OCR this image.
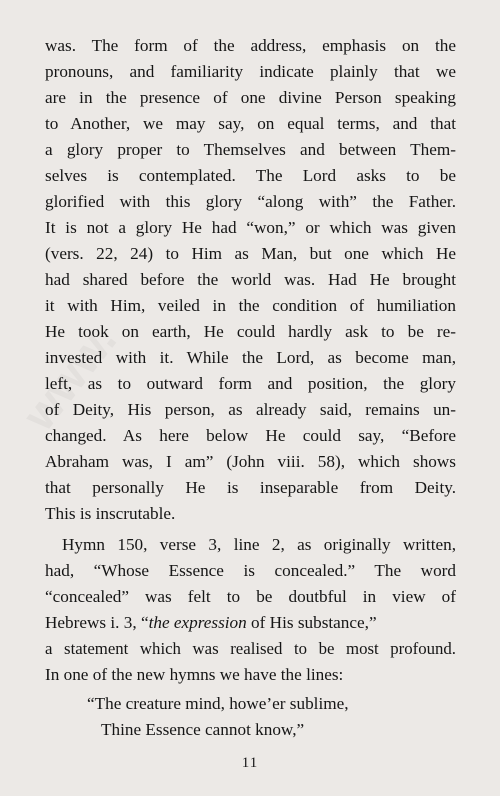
www.
was. The form of the address, emphasis on the
pronouns, and familiarity indicate plainly that we
are in the presence of one divine Person speaking
to Another, we may say, on equal terms, and that
a glory proper to Themselves and between Them-
selves is contemplated. The Lord asks to be
glorified with this glory “along with” the Father.
It is not a glory He had “won,” or which was given
(vers. 22, 24) to Him as Man, but one which He
had shared before the world was. Had He brought
it with Him, veiled in the condition of humiliation
He took on earth, He could hardly ask to be re-
invested with it. While the Lord, as become man,
left, as to outward form and position, the glory
of Deity, His person, as already said, remains un-
changed. As here below He could say, “Before
Abraham was, I am” (John viii. 58), which shows
that personally He is inseparable from Deity.
This is inscrutable.
Hymn 150, verse 3, line 2, as originally written,
had, “Whose Essence is concealed.” The word
“concealed” was felt to be doutbful in view of
Hebrews i. 3, “the expression of His substance,”
a statement which was realised to be most profound.
In one of the new hymns we have the lines:
“The creature mind, howe’er sublime,
Thine Essence cannot know,”
11
